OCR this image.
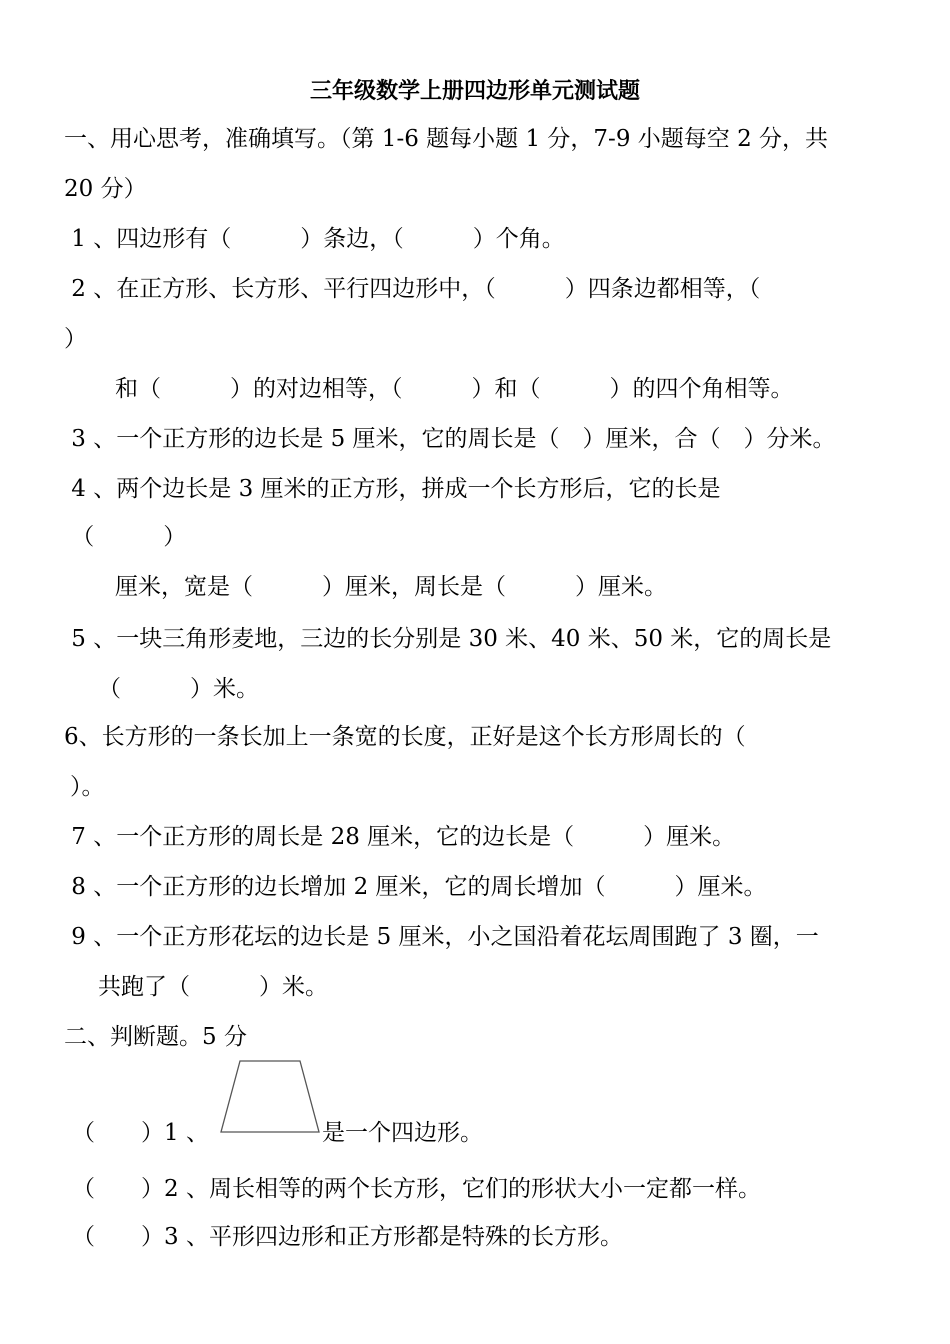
三年级数学上册四边形单元测试题
一、用心思考，准确填写。（第 1-6 题每小题 1 分，7-9 小题每空 2 分，共
20 分）
1 、四边形有（　　　）条边，（　　　）个角。
2 、在正方形、长方形、平行四边形中，（　　　）四条边都相等，（
）
和（　　　）的对边相等，（　　　）和（　　　）的四个角相等。
3 、一个正方形的边长是 5 厘米，它的周长是（　）厘米，合（　）分米。
4 、两个边长是 3 厘米的正方形，拼成一个长方形后，它的长是
（　　　）
厘米，宽是（　　　）厘米，周长是（　　　）厘米。
5 、一块三角形麦地，三边的长分别是 30 米、40 米、50 米，它的周长是
（　　　）米。
6、长方形的一条长加上一条宽的长度，正好是这个长方形周长的（
）。
7 、一个正方形的周长是 28 厘米，它的边长是（　　　）厘米。
8 、一个正方形的边长增加 2 厘米，它的周长增加（　　　）厘米。
9 、一个正方形花坛的边长是 5 厘米，小之国沿着花坛周围跑了 3 圈，一
共跑了（　　　）米。
二、判断题。5 分
（　　）1 、	是一个四边形。
（　　）2 、周长相等的两个长方形，它们的形状大小一定都一样。
（　　）3 、平形四边形和正方形都是特殊的长方形。
